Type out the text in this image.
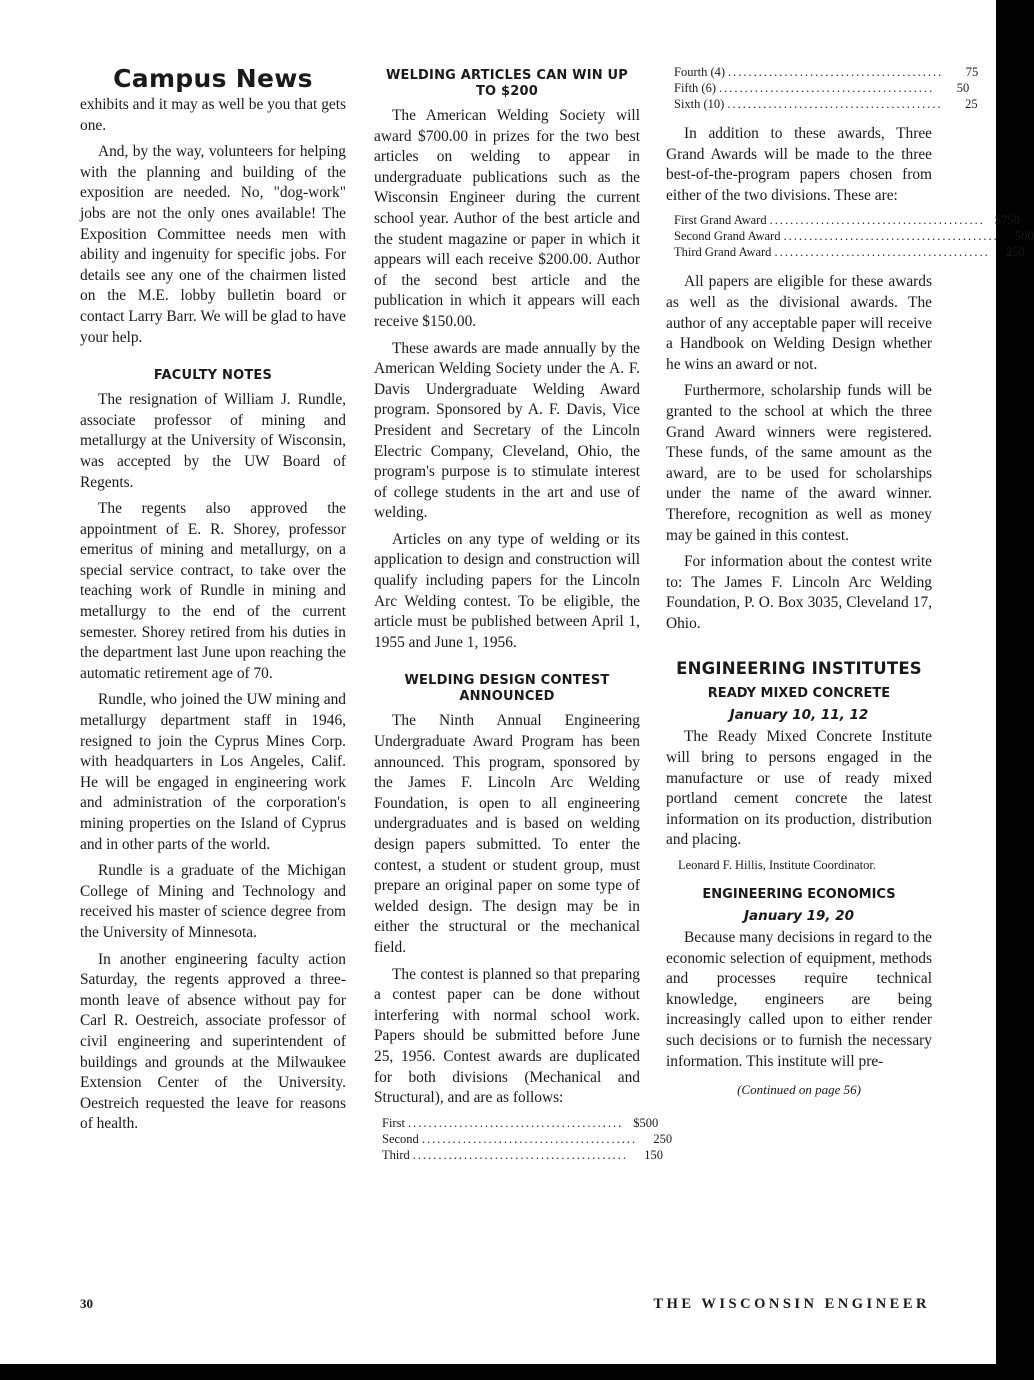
Campus News

exhibits and it may as well be you that gets one.

And, by the way, volunteers for helping with the planning and building of the exposition are needed. No, "dog-work" jobs are not the only ones available! The Exposition Committee needs men with ability and ingenuity for specific jobs. For details see any one of the chairmen listed on the M.E. lobby bulletin board or contact Larry Barr. We will be glad to have your help.

FACULTY NOTES

The resignation of William J. Rundle, associate professor of mining and metallurgy at the University of Wisconsin, was accepted by the UW Board of Regents.

The regents also approved the appointment of E. R. Shorey, professor emeritus of mining and metallurgy, on a special service contract, to take over the teaching work of Rundle in mining and metallurgy to the end of the current semester. Shorey retired from his duties in the department last June upon reaching the automatic retirement age of 70.

Rundle, who joined the UW mining and metallurgy department staff in 1946, resigned to join the Cyprus Mines Corp. with headquarters in Los Angeles, Calif. He will be engaged in engineering work and administration of the corporation's mining properties on the Island of Cyprus and in other parts of the world.

Rundle is a graduate of the Michigan College of Mining and Technology and received his master of science degree from the University of Minnesota.

In another engineering faculty action Saturday, the regents approved a three-month leave of absence without pay for Carl R. Oestreich, associate professor of civil engineering and superintendent of buildings and grounds at the Milwaukee Extension Center of the University. Oestreich requested the leave for reasons of health.

WELDING ARTICLES CAN WIN UP TO $200

The American Welding Society will award $700.00 in prizes for the two best articles on welding to appear in undergraduate publications such as the Wisconsin Engineer during the current school year. Author of the best article and the student magazine or paper in which it appears will each receive $200.00. Author of the second best article and the publication in which it appears will each receive $150.00.

These awards are made annually by the American Welding Society under the A. F. Davis Undergraduate Welding Award program. Sponsored by A. F. Davis, Vice President and Secretary of the Lincoln Electric Company, Cleveland, Ohio, the program's purpose is to stimulate interest of college students in the art and use of welding.

Articles on any type of welding or its application to design and construction will qualify including papers for the Lincoln Arc Welding contest. To be eligible, the article must be published between April 1, 1955 and June 1, 1956.

WELDING DESIGN CONTEST ANNOUNCED

The Ninth Annual Engineering Undergraduate Award Program has been announced. This program, sponsored by the James F. Lincoln Arc Welding Foundation, is open to all engineering undergraduates and is based on welding design papers submitted. To enter the contest, a student or student group, must prepare an original paper on some type of welded design. The design may be in either the structural or the mechanical field.

The contest is planned so that preparing a contest paper can be done without interfering with normal school work. Papers should be submitted before June 25, 1956. Contest awards are duplicated for both divisions (Mechanical and Structural), and are as follows:

First .......................................... $500
Second ..........................................	250
Third ..........................................	150
Fourth (4) ..........................................	75
Fifth (6) ..........................................	50
Sixth (10) ..........................................	25

In addition to these awards, Three Grand Awards will be made to the three best-of-the-program papers chosen from either of the two divisions. These are:

First Grand Award .......................................... $750
Second Grand Award ..........................................	500
Third Grand Award ..........................................	250

All papers are eligible for these awards as well as the divisional awards. The author of any acceptable paper will receive a Handbook on Welding Design whether he wins an award or not.

Furthermore, scholarship funds will be granted to the school at which the three Grand Award winners were registered. These funds, of the same amount as the award, are to be used for scholarships under the name of the award winner. Therefore, recognition as well as money may be gained in this contest.

For information about the contest write to: The James F. Lincoln Arc Welding Foundation, P. O. Box 3035, Cleveland 17, Ohio.

ENGINEERING INSTITUTES
READY MIXED CONCRETE
January 10, 11, 12

The Ready Mixed Concrete Institute will bring to persons engaged in the manufacture or use of ready mixed portland cement concrete the latest information on its production, distribution and placing.

Leonard F. Hillis, Institute Coordinator.

ENGINEERING ECONOMICS
January 19, 20

Because many decisions in regard to the economic selection of equipment, methods and processes require technical knowledge, engineers are being increasingly called upon to either render such decisions or to furnish the necessary information. This institute will pre-

(Continued on page 56)
30	THE WISCONSIN ENGINEER
